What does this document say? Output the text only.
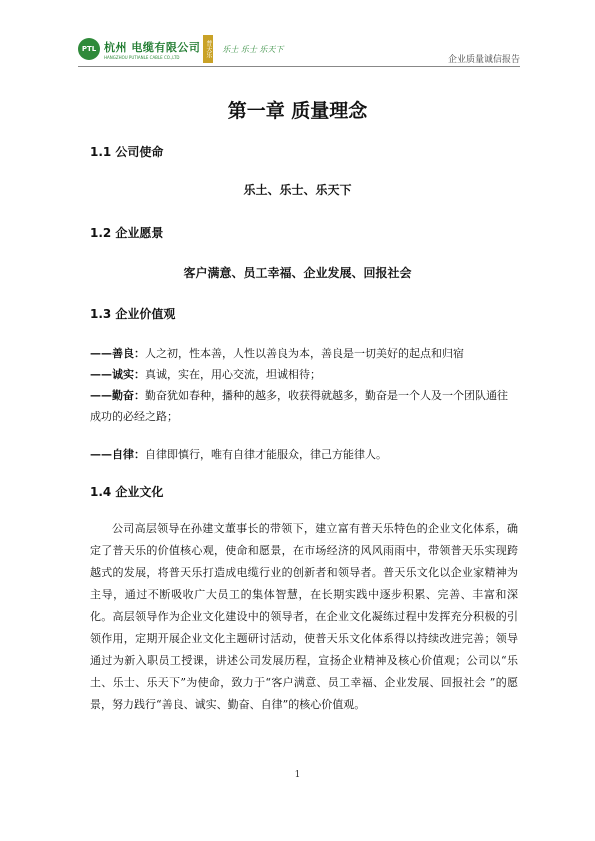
PTL 杭州 电缆有限公司
HANGZHOU PUTIANLE CABLE CO.,LTD	普天乐 乐土 乐士 乐天下
企业质量诚信报告
第一章 质量理念
1.1 公司使命
乐土、乐士、乐天下
1.2 企业愿景
客户满意、员工幸福、企业发展、回报社会
1.3 企业价值观
——善良：人之初，性本善，人性以善良为本，善良是一切美好的起点和归宿
——诚实：真诚，实在，用心交流，坦诚相待；
——勤奋：勤奋犹如春种，播种的越多，收获得就越多，勤奋是一个人及一个团队通往成功的必经之路；
——自律：自律即慎行，唯有自律才能服众，律己方能律人。
1.4 企业文化
公司高层领导在孙建文董事长的带领下，建立富有普天乐特色的企业文化体系，确定了普天乐的价值核心观，使命和愿景，在市场经济的风风雨雨中，带领普天乐实现跨越式的发展，将普天乐打造成电缆行业的创新者和领导者。普天乐文化以企业家精神为主导，通过不断吸收广大员工的集体智慧，在长期实践中逐步积累、完善、丰富和深化。高层领导作为企业文化建设中的领导者，在企业文化凝练过程中发挥充分积极的引领作用，定期开展企业文化主题研讨活动，使普天乐文化体系得以持续改进完善；领导通过为新入职员工授课，讲述公司发展历程，宣扬企业精神及核心价值观；公司以“乐土、乐士、乐天下”为使命，致力于“客户满意、员工幸福、企业发展、回报社会 ”的愿景，努力践行“善良、诚实、勤奋、自律”的核心价值观。
1
